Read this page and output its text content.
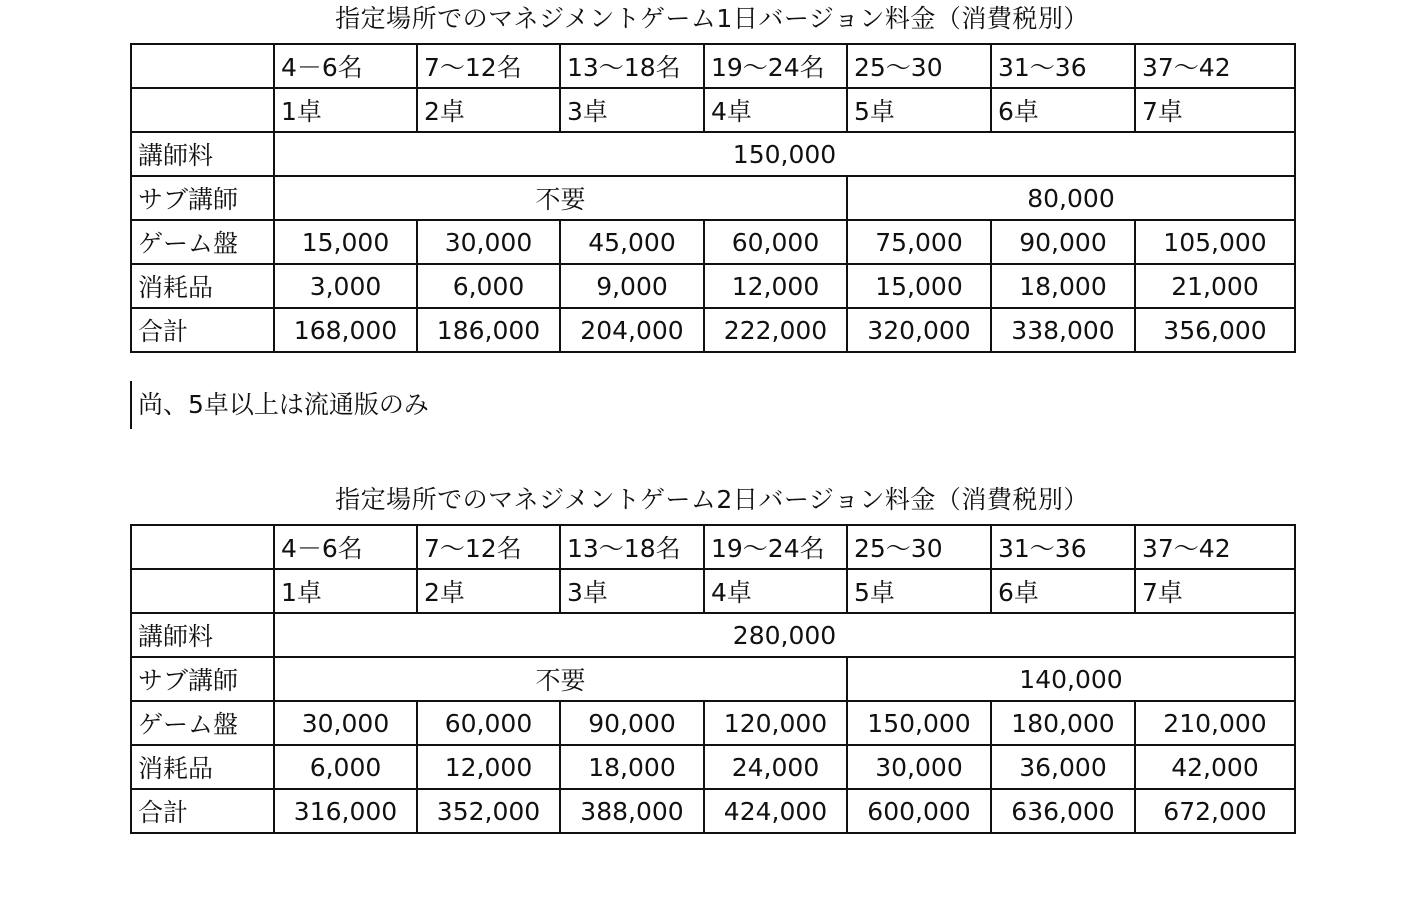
指定場所でのマネジメントゲーム1日バージョン料金（消費税別）
	4－6名	7～12名	13～18名	19～24名	25～30	31～36	37～42
	1卓	2卓	3卓	4卓	5卓	6卓	7卓
講師料	150,000						
サブ講師	不要				80,000		
ゲーム盤	15,000	30,000	45,000	60,000	75,000	90,000	105,000
消耗品	3,000	6,000	9,000	12,000	15,000	18,000	21,000
合計	168,000	186,000	204,000	222,000	320,000	338,000	356,000
尚、5卓以上は流通版のみ
指定場所でのマネジメントゲーム2日バージョン料金（消費税別）
	4－6名	7～12名	13～18名	19～24名	25～30	31～36	37～42
	1卓	2卓	3卓	4卓	5卓	6卓	7卓
講師料	280,000						
サブ講師	不要				140,000		
ゲーム盤	30,000	60,000	90,000	120,000	150,000	180,000	210,000
消耗品	6,000	12,000	18,000	24,000	30,000	36,000	42,000
合計	316,000	352,000	388,000	424,000	600,000	636,000	672,000
